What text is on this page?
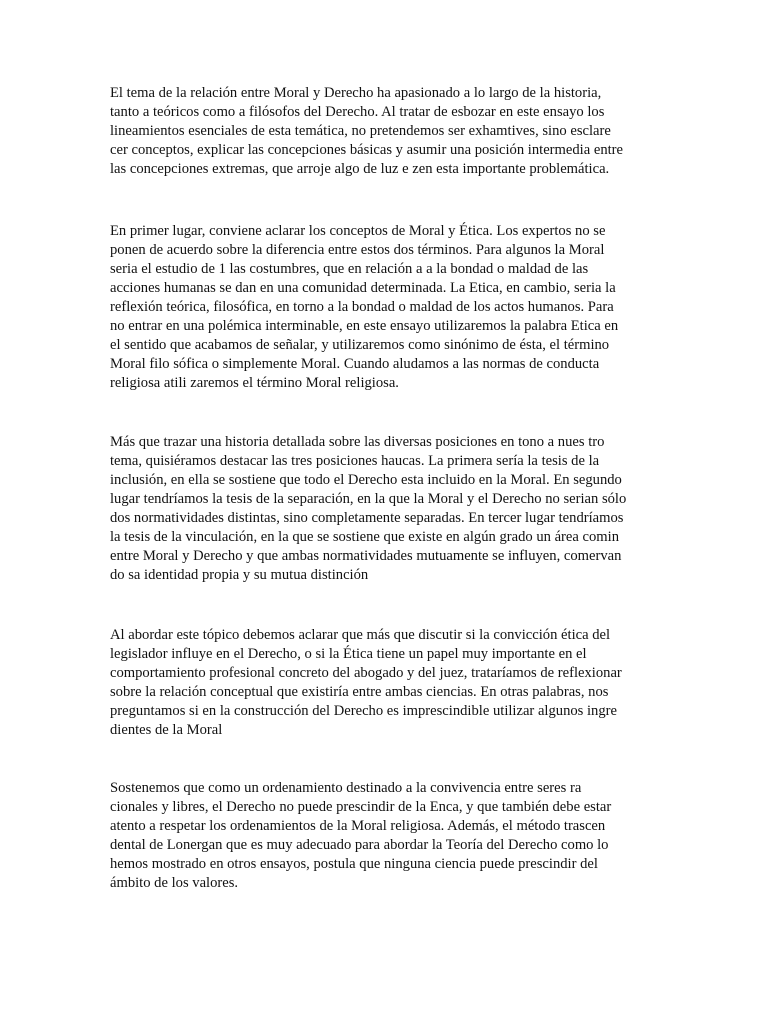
El tema de la relación entre Moral y Derecho ha apasionado a lo largo de la historia,
tanto a teóricos como a filósofos del Derecho. Al tratar de esbozar en este ensayo los
lineamientos esenciales de esta temática, no pretendemos ser exhamtives, sino esclare
cer conceptos, explicar las concepciones básicas y asumir una posición intermedia entre
las concepciones extremas, que arroje algo de luz e zen esta importante problemática.

En primer lugar, conviene aclarar los conceptos de Moral y Ética. Los expertos no se
ponen de acuerdo sobre la diferencia entre estos dos términos. Para algunos la Moral
seria el estudio de 1 las costumbres, que en relación a a la bondad o maldad de las
acciones humanas se dan en una comunidad determinada. La Etica, en cambio, seria la
reflexión teórica, filosófica, en torno a la bondad o maldad de los actos humanos. Para
no entrar en una polémica interminable, en este ensayo utilizaremos la palabra Etica en
el sentido que acabamos de señalar, y utilizaremos como sinónimo de ésta, el término
Moral filo sófica o simplemente Moral. Cuando aludamos a las normas de conducta
religiosa atili zaremos el término Moral religiosa.

Más que trazar una historia detallada sobre las diversas posiciones en tono a nues tro
tema, quisiéramos destacar las tres posiciones haucas. La primera sería la tesis de la
inclusión, en ella se sostiene que todo el Derecho esta incluido en la Moral. En segundo
lugar tendríamos la tesis de la separación, en la que la Moral y el Derecho no serian sólo
dos normatividades distintas, sino completamente separadas. En tercer lugar tendríamos
la tesis de la vinculación, en la que se sostiene que existe en algún grado un área comin
entre Moral y Derecho y que ambas normatividades mutuamente se influyen, comervan
do sa identidad propia y su mutua distinción

Al abordar este tópico debemos aclarar que más que discutir si la convicción ética del
legislador influye en el Derecho, o si la Ética tiene un papel muy importante en el
comportamiento profesional concreto del abogado y del juez, trataríamos de reflexionar
sobre la relación conceptual que existiría entre ambas ciencias. En otras palabras, nos
preguntamos si en la construcción del Derecho es imprescindible utilizar algunos ingre
dientes de la Moral

Sostenemos que como un ordenamiento destinado a la convivencia entre seres ra
cionales y libres, el Derecho no puede prescindir de la Enca, y que también debe estar
atento a respetar los ordenamientos de la Moral religiosa. Además, el método trascen
dental de Lonergan que es muy adecuado para abordar la Teoría del Derecho como lo
hemos mostrado en otros ensayos, postula que ninguna ciencia puede prescindir del
ámbito de los valores.
